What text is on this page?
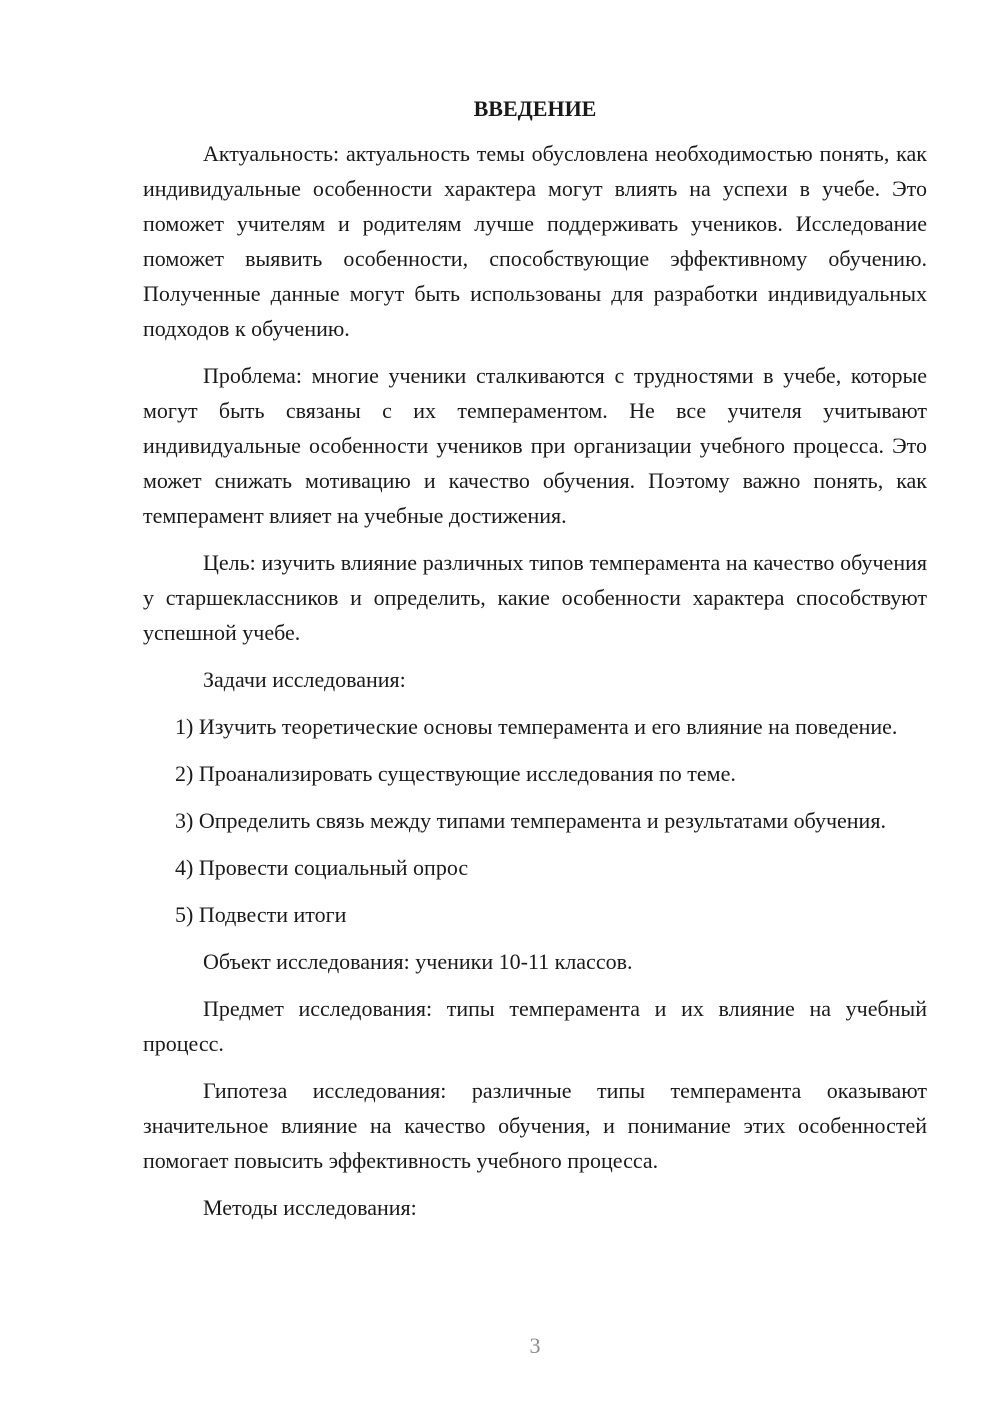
ВВЕДЕНИЕ

Актуальность: актуальность темы обусловлена необходимостью понять, как индивидуальные особенности характера могут влиять на успехи в учебе. Это поможет учителям и родителям лучше поддерживать учеников. Исследование поможет выявить особенности, способствующие эффективному обучению. Полученные данные могут быть использованы для разработки индивидуальных подходов к обучению.

Проблема: многие ученики сталкиваются с трудностями в учебе, которые могут быть связаны с их темпераментом. Не все учителя учитывают индивидуальные особенности учеников при организации учебного процесса. Это может снижать мотивацию и качество обучения. Поэтому важно понять, как темперамент влияет на учебные достижения.

Цель: изучить влияние различных типов темперамента на качество обучения у старшеклассников и определить, какие особенности характера способствуют успешной учебе.

Задачи исследования:

1) Изучить теоретические основы темперамента и его влияние на поведение.

2) Проанализировать существующие исследования по теме.

3) Определить связь между типами темперамента и результатами обучения.

4) Провести социальный опрос

5) Подвести итоги

Объект исследования: ученики 10-11 классов.

Предмет исследования: типы темперамента и их влияние на учебный процесс.

Гипотеза исследования: различные типы темперамента оказывают значительное влияние на качество обучения, и понимание этих особенностей помогает повысить эффективность учебного процесса.

Методы исследования:

3
